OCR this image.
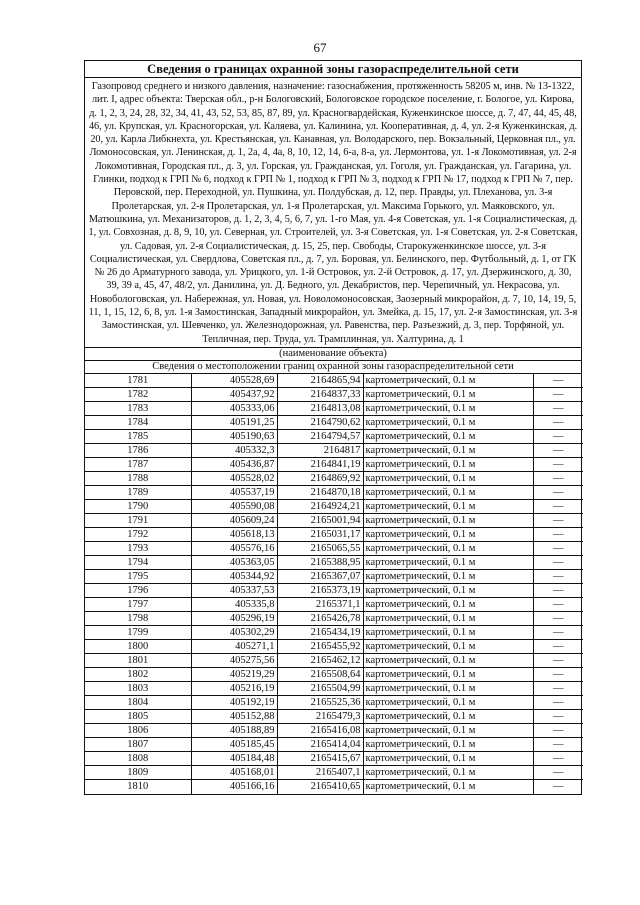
67
Сведения о границах охранной зоны газораспределительной сети
Газопровод среднего и низкого давления, назначение: газоснабжения, протяженность 58205 м, инв. № 13-1322, лит. I, адрес объекта: Тверская обл., р-н Бологовский, Бологовское городское поселение, г. Бологое, ул. Кирова, д. 1, 2, 3, 24, 28, 32, 34, 41, 43, 52, 53, 85, 87, 89, ул. Красногвардейская, Куженкинское шоссе, д. 7, 47, 44, 45, 48, 46, ул. Крупская, ул. Красногорская, ул. Каляева, ул. Калинина, ул. Кооперативная, д. 4, ул. 2-я Куженкинская, д. 20, ул. Карла Либкнехта, ул. Крестьянская, ул. Канавная, ул. Володарского, пер. Вокзальный, Церковная пл., ул. Ломоносовская, ул. Ленинская, д. 1, 2а, 4, 4а, 8, 10, 12, 14, 6-а, 8-а, ул. Лермонтова, ул. 1-я Локомотивная, ул. 2-я Локомотивная, Городская пл., д. 3, ул. Горская, ул. Гражданская, ул. Гоголя, ул. Гражданская, ул. Гагарина, ул. Глинки, подход к ГРП № 6, подход к ГРП № 1, подход к ГРП № 3, подход к ГРП № 17, подход к ГРП № 7, пер. Перовской, пер. Переходной, ул. Пушкина, ул. Полдубская, д. 12, пер. Правды, ул. Плеханова, ул. 3-я Пролетарская, ул. 2-я Пролетарская, ул. 1-я Пролетарская, ул. Максима Горького, ул. Маяковского, ул. Матюшкина, ул. Механизаторов, д. 1, 2, 3, 4, 5, 6, 7, ул. 1-го Мая, ул. 4-я Советская, ул. 1-я Социалистическая, д. 1, ул. Совхозная, д. 8, 9, 10, ул. Северная, ул. Строителей, ул. 3-я Советская, ул. 1-я Советская, ул. 2-я Советская, ул. Садовая, ул. 2-я Социалистическая, д. 15, 25, пер. Свободы, Старокуженкинское шоссе, ул. 3-я Социалистическая, ул. Свердлова, Советская пл., д. 7, ул. Боровая, ул. Белинского, пер. Футбольный, д. 1, от ГК № 26 до Арматурного завода, ул. Урицкого, ул. 1-й Островок, ул. 2-й Островок, д. 17, ул. Дзержинского, д. 30, 39, 39 а, 45, 47, 48/2, ул. Данилина, ул. Д. Бедного, ул. Декабристов, пер. Черепичный, ул. Некрасова, ул. Новобологовская, ул. Набережная, ул. Новая, ул. Новоломоносовская, Заозерный микрорайон, д. 7, 10, 14, 19, 5, 11, 1, 15, 12, 6, 8, ул. 1-я Замостинская, Западный микрорайон, ул. Змейка, д. 15, 17, ул. 2-я Замостинская, ул. 3-я Замостинская, ул. Шевченко, ул. Железнодорожная, ул. Равенства, пер. Разъезжий, д. 3, пер. Торфяной, ул. Тепличная, пер. Труда, ул. Трамплинная, ул. Халтурина, д. 1
(наименование объекта)
Сведения о местоположении границ охранной зоны газораспределительной сети
1781	405528,69	2164865,94	картометрический, 0.1 м	—
1782	405437,92	2164837,33	картометрический, 0.1 м	—
1783	405333,06	2164813,08	картометрический, 0.1 м	—
1784	405191,25	2164790,62	картометрический, 0.1 м	—
1785	405190,63	2164794,57	картометрический, 0.1 м	—
1786	405332,3	2164817	картометрический, 0.1 м	—
1787	405436,87	2164841,19	картометрический, 0.1 м	—
1788	405528,02	2164869,92	картометрический, 0.1 м	—
1789	405537,19	2164870,18	картометрический, 0.1 м	—
1790	405590,08	2164924,21	картометрический, 0.1 м	—
1791	405609,24	2165001,94	картометрический, 0.1 м	—
1792	405618,13	2165031,17	картометрический, 0.1 м	—
1793	405576,16	2165065,55	картометрический, 0.1 м	—
1794	405363,05	2165388,95	картометрический, 0.1 м	—
1795	405344,92	2165367,07	картометрический, 0.1 м	—
1796	405337,53	2165373,19	картометрический, 0.1 м	—
1797	405335,8	2165371,1	картометрический, 0.1 м	—
1798	405296,19	2165426,78	картометрический, 0.1 м	—
1799	405302,29	2165434,19	картометрический, 0.1 м	—
1800	405271,1	2165455,92	картометрический, 0.1 м	—
1801	405275,56	2165462,12	картометрический, 0.1 м	—
1802	405219,29	2165508,64	картометрический, 0.1 м	—
1803	405216,19	2165504,99	картометрический, 0.1 м	—
1804	405192,19	2165525,36	картометрический, 0.1 м	—
1805	405152,88	2165479,3	картометрический, 0.1 м	—
1806	405188,89	2165416,08	картометрический, 0.1 м	—
1807	405185,45	2165414,04	картометрический, 0.1 м	—
1808	405184,48	2165415,67	картометрический, 0.1 м	—
1809	405168,01	2165407,1	картометрический, 0.1 м	—
1810	405166,16	2165410,65	картометрический, 0.1 м	—
